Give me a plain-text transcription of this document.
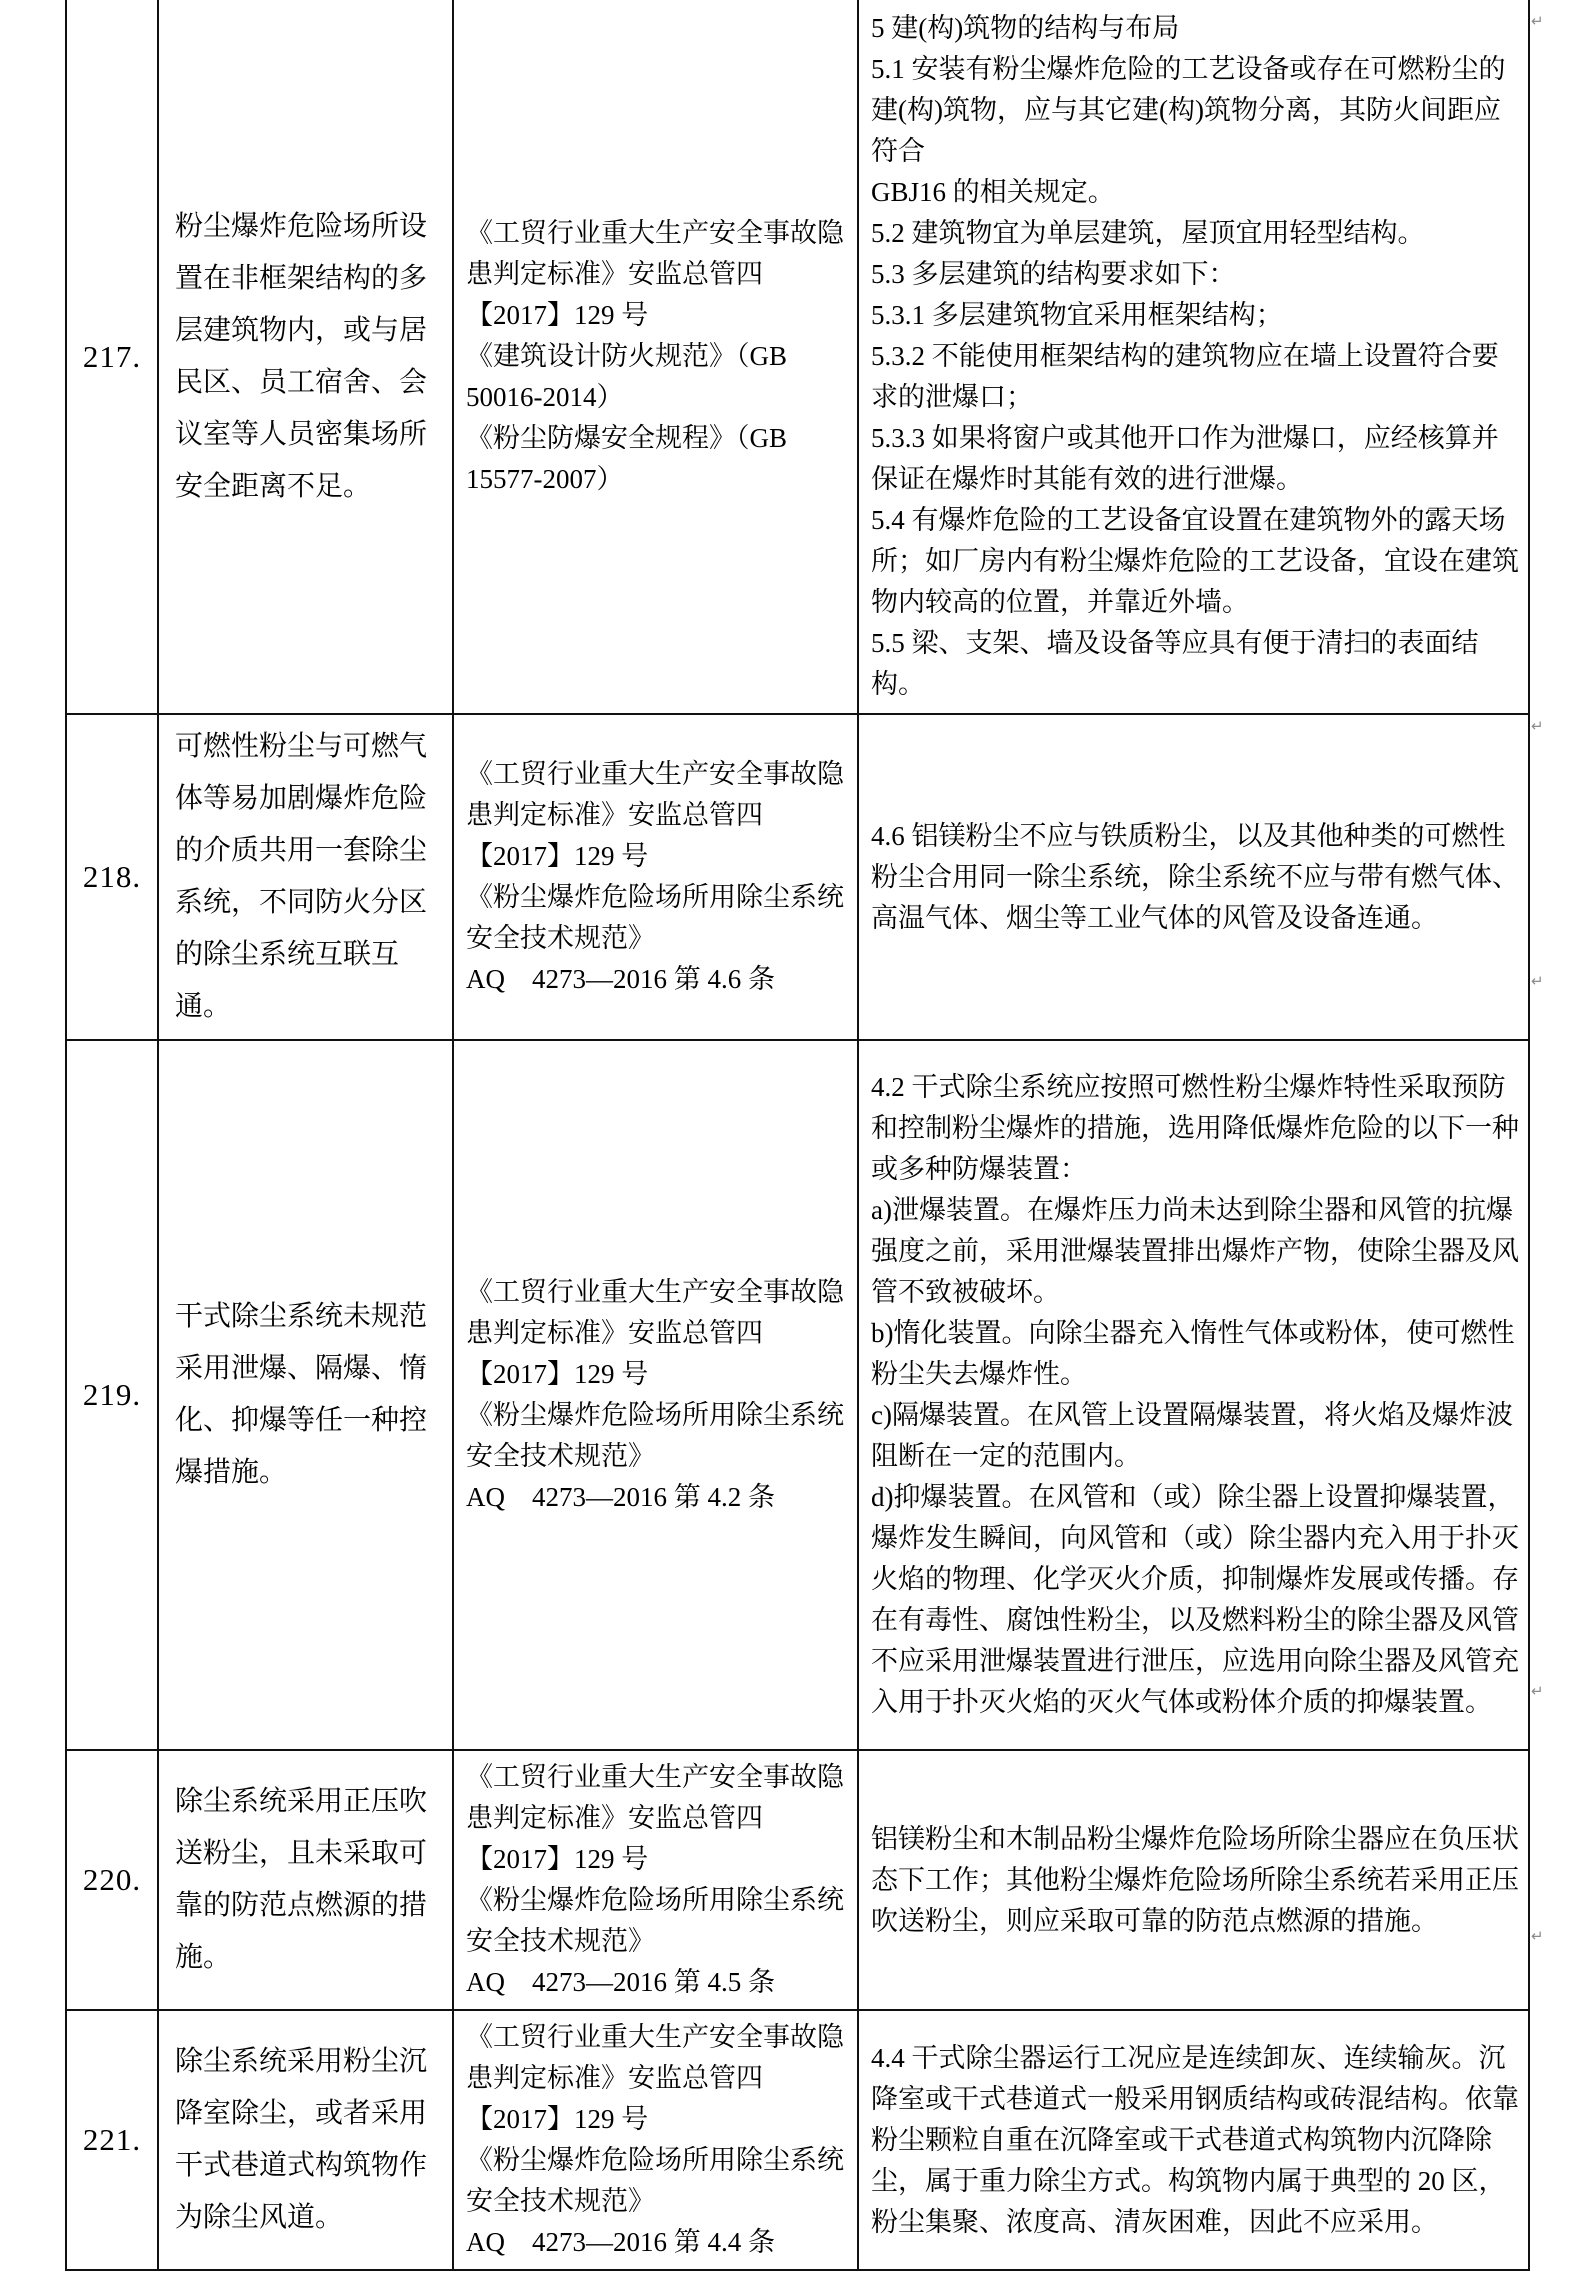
217.	粉尘爆炸危险场所设置在非框架结构的多层建筑物内，或与居民区、员工宿舍、会议室等人员密集场所安全距离不足。	《工贸行业重大生产安全事故隐患判定标准》安监总管四【2017】129 号
《建筑设计防火规范》（GB 50016-2014）
《粉尘防爆安全规程》（GB 15577-2007）	5 建(构)筑物的结构与布局
5.1 安装有粉尘爆炸危险的工艺设备或存在可燃粉尘的建(构)筑物，应与其它建(构)筑物分离，其防火间距应符合
GBJ16 的相关规定。
5.2 建筑物宜为单层建筑，屋顶宜用轻型结构。
5.3 多层建筑的结构要求如下：
5.3.1 多层建筑物宜采用框架结构；
5.3.2 不能使用框架结构的建筑物应在墙上设置符合要求的泄爆口；
5.3.3 如果将窗户或其他开口作为泄爆口，应经核算并保证在爆炸时其能有效的进行泄爆。
5.4 有爆炸危险的工艺设备宜设置在建筑物外的露天场所；如厂房内有粉尘爆炸危险的工艺设备，宜设在建筑物内较高的位置，并靠近外墙。
5.5 梁、支架、墙及设备等应具有便于清扫的表面结构。
218.	可燃性粉尘与可燃气体等易加剧爆炸危险的介质共用一套除尘系统，不同防火分区的除尘系统互联互通。	《工贸行业重大生产安全事故隐患判定标准》安监总管四【2017】129 号
《粉尘爆炸危险场所用除尘系统安全技术规范》
AQ　4273—2016 第 4.6 条	4.6 铝镁粉尘不应与铁质粉尘，以及其他种类的可燃性粉尘合用同一除尘系统，除尘系统不应与带有燃气体、高温气体、烟尘等工业气体的风管及设备连通。
219.	干式除尘系统未规范采用泄爆、隔爆、惰化、抑爆等任一种控爆措施。	《工贸行业重大生产安全事故隐患判定标准》安监总管四【2017】129 号
《粉尘爆炸危险场所用除尘系统安全技术规范》
AQ　4273—2016 第 4.2 条	4.2 干式除尘系统应按照可燃性粉尘爆炸特性采取预防和控制粉尘爆炸的措施，选用降低爆炸危险的以下一种或多种防爆装置：
a)泄爆装置。在爆炸压力尚未达到除尘器和风管的抗爆强度之前，采用泄爆装置排出爆炸产物，使除尘器及风管不致被破坏。
b)惰化装置。向除尘器充入惰性气体或粉体，使可燃性粉尘失去爆炸性。
c)隔爆装置。在风管上设置隔爆装置，将火焰及爆炸波阻断在一定的范围内。
d)抑爆装置。在风管和（或）除尘器上设置抑爆装置，爆炸发生瞬间，向风管和（或）除尘器内充入用于扑灭火焰的物理、化学灭火介质，抑制爆炸发展或传播。存在有毒性、腐蚀性粉尘，以及燃料粉尘的除尘器及风管不应采用泄爆装置进行泄压，应选用向除尘器及风管充入用于扑灭火焰的灭火气体或粉体介质的抑爆装置。
220.	除尘系统采用正压吹送粉尘，且未采取可靠的防范点燃源的措施。	《工贸行业重大生产安全事故隐患判定标准》安监总管四【2017】129 号
《粉尘爆炸危险场所用除尘系统安全技术规范》
AQ　4273—2016 第 4.5 条	铝镁粉尘和木制品粉尘爆炸危险场所除尘器应在负压状态下工作；其他粉尘爆炸危险场所除尘系统若采用正压吹送粉尘，则应采取可靠的防范点燃源的措施。
221.	除尘系统采用粉尘沉降室除尘，或者采用干式巷道式构筑物作为除尘风道。	《工贸行业重大生产安全事故隐患判定标准》安监总管四【2017】129 号
《粉尘爆炸危险场所用除尘系统安全技术规范》
AQ　4273—2016 第 4.4 条	4.4 干式除尘器运行工况应是连续卸灰、连续输灰。沉降室或干式巷道式一般采用钢质结构或砖混结构。依靠粉尘颗粒自重在沉降室或干式巷道式构筑物内沉降除尘，属于重力除尘方式。构筑物内属于典型的 20 区，粉尘集聚、浓度高、清灰困难，因此不应采用。
↵
↵
↵
↵
↵
